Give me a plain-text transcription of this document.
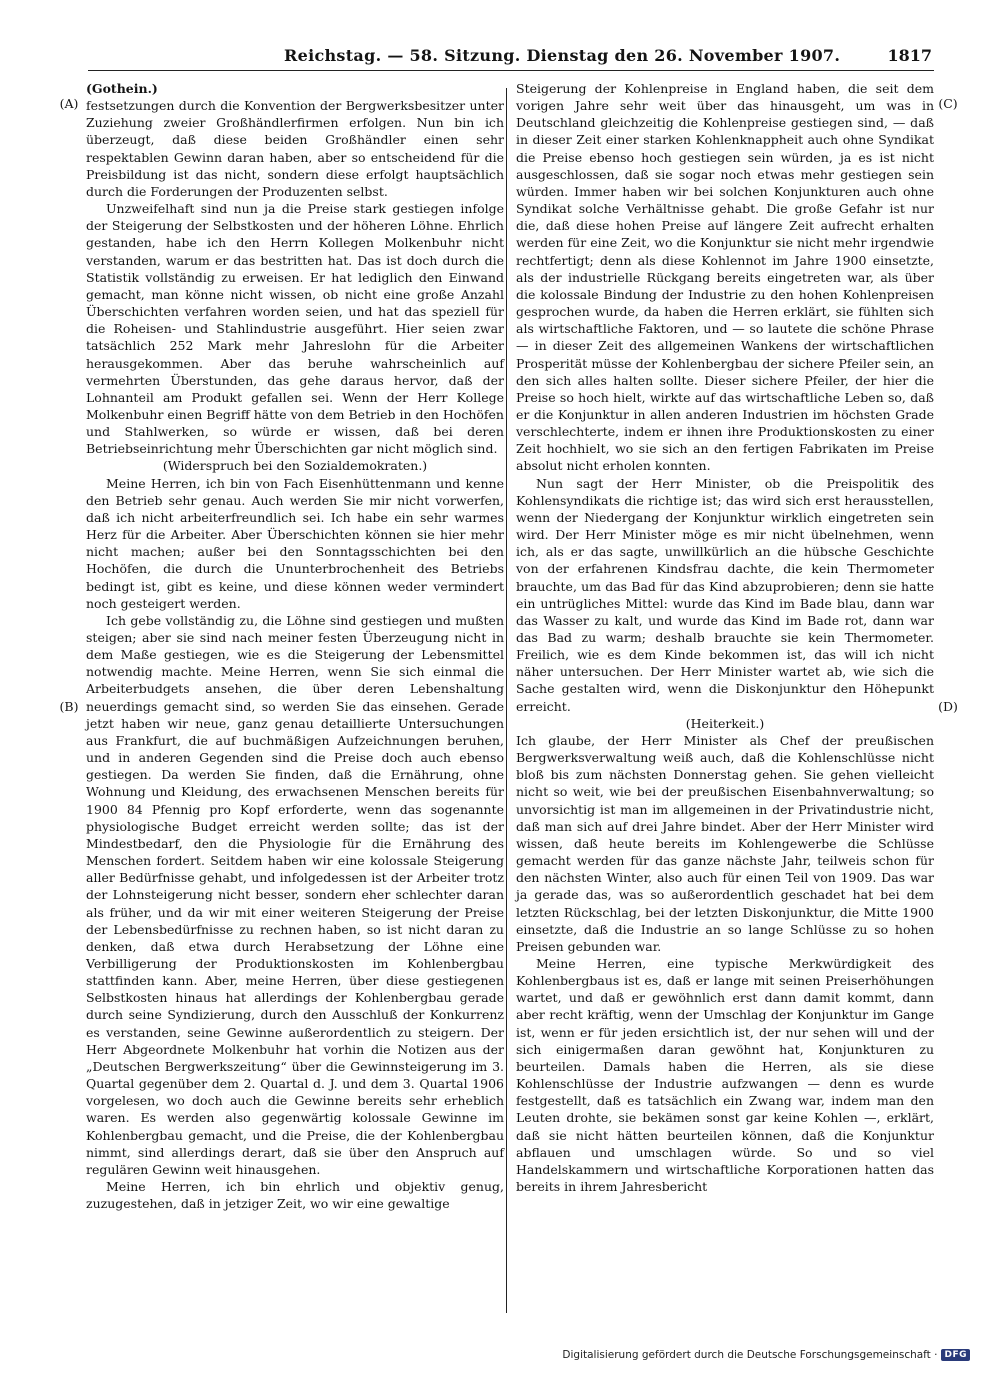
Reichstag. — 58. Sitzung. Dienstag den 26. November 1907.	1817
(A)
(B)
(C)
(D)

(Gothein.)

festsetzungen durch die Konvention der Bergwerksbesitzer unter Zuziehung zweier Großhändlerfirmen erfolgen. Nun bin ich überzeugt, daß diese beiden Großhändler einen sehr respektablen Gewinn daran haben, aber so entscheidend für die Preisbildung ist das nicht, sondern diese erfolgt hauptsächlich durch die Forderungen der Produzenten selbst.

Unzweifelhaft sind nun ja die Preise stark gestiegen infolge der Steigerung der Selbstkosten und der höheren Löhne. Ehrlich gestanden, habe ich den Herrn Kollegen Molkenbuhr nicht verstanden, warum er das bestritten hat. Das ist doch durch die Statistik vollständig zu erweisen. Er hat lediglich den Einwand gemacht, man könne nicht wissen, ob nicht eine große Anzahl Überschichten verfahren worden seien, und hat das speziell für die Roheisen- und Stahlindustrie ausgeführt. Hier seien zwar tatsächlich 252 Mark mehr Jahreslohn für die Arbeiter herausgekommen. Aber das beruhe wahrscheinlich auf vermehrten Überstunden, das gehe daraus hervor, daß der Lohnanteil am Produkt gefallen sei. Wenn der Herr Kollege Molkenbuhr einen Begriff hätte von dem Betrieb in den Hochöfen und Stahlwerken, so würde er wissen, daß bei deren Betriebseinrichtung mehr Überschichten gar nicht möglich sind.

(Widerspruch bei den Sozialdemokraten.)

Meine Herren, ich bin von Fach Eisenhüttenmann und kenne den Betrieb sehr genau. Auch werden Sie mir nicht vorwerfen, daß ich nicht arbeiterfreundlich sei. Ich habe ein sehr warmes Herz für die Arbeiter. Aber Überschichten können sie hier mehr nicht machen; außer bei den Sonntagsschichten bei den Hochöfen, die durch die Ununterbrochenheit des Betriebs bedingt ist, gibt es keine, und diese können weder vermindert noch gesteigert werden.

Ich gebe vollständig zu, die Löhne sind gestiegen und mußten steigen; aber sie sind nach meiner festen Überzeugung nicht in dem Maße gestiegen, wie es die Steigerung der Lebensmittel notwendig machte. Meine Herren, wenn Sie sich einmal die Arbeiterbudgets ansehen, die über deren Lebenshaltung neuerdings gemacht sind, so werden Sie das einsehen. Gerade jetzt haben wir neue, ganz genau detaillierte Untersuchungen aus Frankfurt, die auf buchmäßigen Aufzeichnungen beruhen, und in anderen Gegenden sind die Preise doch auch ebenso gestiegen. Da werden Sie finden, daß die Ernährung, ohne Wohnung und Kleidung, des erwachsenen Menschen bereits für 1900 84 Pfennig pro Kopf erforderte, wenn das sogenannte physiologische Budget erreicht werden sollte; das ist der Mindestbedarf, den die Physiologie für die Ernährung des Menschen fordert. Seitdem haben wir eine kolossale Steigerung aller Bedürfnisse gehabt, und infolgedessen ist der Arbeiter trotz der Lohnsteigerung nicht besser, sondern eher schlechter daran als früher, und da wir mit einer weiteren Steigerung der Preise der Lebensbedürfnisse zu rechnen haben, so ist nicht daran zu denken, daß etwa durch Herabsetzung der Löhne eine Verbilligerung der Produktionskosten im Kohlenbergbau stattfinden kann. Aber, meine Herren, über diese gestiegenen Selbstkosten hinaus hat allerdings der Kohlenbergbau gerade durch seine Syndizierung, durch den Ausschluß der Konkurrenz es verstanden, seine Gewinne außerordentlich zu steigern. Der Herr Abgeordnete Molkenbuhr hat vorhin die Notizen aus der „Deutschen Bergwerkszeitung“ über die Gewinnsteigerung im 3. Quartal gegenüber dem 2. Quartal d. J. und dem 3. Quartal 1906 vorgelesen, wo doch auch die Gewinne bereits sehr erheblich waren. Es werden also gegenwärtig kolossale Gewinne im Kohlenbergbau gemacht, und die Preise, die der Kohlenbergbau nimmt, sind allerdings derart, daß sie über den Anspruch auf regulären Gewinn weit hinausgehen.

Meine Herren, ich bin ehrlich und objektiv genug, zuzugestehen, daß in jetziger Zeit, wo wir eine gewaltige

Steigerung der Kohlenpreise in England haben, die seit dem vorigen Jahre sehr weit über das hinausgeht, um was in Deutschland gleichzeitig die Kohlenpreise gestiegen sind, — daß in dieser Zeit einer starken Kohlenknappheit auch ohne Syndikat die Preise ebenso hoch gestiegen sein würden, ja es ist nicht ausgeschlossen, daß sie sogar noch etwas mehr gestiegen sein würden. Immer haben wir bei solchen Konjunkturen auch ohne Syndikat solche Verhältnisse gehabt. Die große Gefahr ist nur die, daß diese hohen Preise auf längere Zeit aufrecht erhalten werden für eine Zeit, wo die Konjunktur sie nicht mehr irgendwie rechtfertigt; denn als diese Kohlennot im Jahre 1900 einsetzte, als der industrielle Rückgang bereits eingetreten war, als über die kolossale Bindung der Industrie zu den hohen Kohlenpreisen gesprochen wurde, da haben die Herren erklärt, sie fühlten sich als wirtschaftliche Faktoren, und — so lautete die schöne Phrase — in dieser Zeit des allgemeinen Wankens der wirtschaftlichen Prosperität müsse der Kohlenbergbau der sichere Pfeiler sein, an den sich alles halten sollte. Dieser sichere Pfeiler, der hier die Preise so hoch hielt, wirkte auf das wirtschaftliche Leben so, daß er die Konjunktur in allen anderen Industrien im höchsten Grade verschlechterte, indem er ihnen ihre Produktionskosten zu einer Zeit hochhielt, wo sie sich an den fertigen Fabrikaten im Preise absolut nicht erholen konnten.

Nun sagt der Herr Minister, ob die Preispolitik des Kohlensyndikats die richtige ist; das wird sich erst herausstellen, wenn der Niedergang der Konjunktur wirklich eingetreten sein wird. Der Herr Minister möge es mir nicht übelnehmen, wenn ich, als er das sagte, unwillkürlich an die hübsche Geschichte von der erfahrenen Kindsfrau dachte, die kein Thermometer brauchte, um das Bad für das Kind abzuprobieren; denn sie hatte ein untrügliches Mittel: wurde das Kind im Bade blau, dann war das Wasser zu kalt, und wurde das Kind im Bade rot, dann war das Bad zu warm; deshalb brauchte sie kein Thermometer. Freilich, wie es dem Kinde bekommen ist, das will ich nicht näher untersuchen. Der Herr Minister wartet ab, wie sich die Sache gestalten wird, wenn die Diskonjunktur den Höhepunkt erreicht.

(Heiterkeit.)

Ich glaube, der Herr Minister als Chef der preußischen Bergwerksverwaltung weiß auch, daß die Kohlenschlüsse nicht bloß bis zum nächsten Donnerstag gehen. Sie gehen vielleicht nicht so weit, wie bei der preußischen Eisenbahnverwaltung; so unvorsichtig ist man im allgemeinen in der Privatindustrie nicht, daß man sich auf drei Jahre bindet. Aber der Herr Minister wird wissen, daß heute bereits im Kohlengewerbe die Schlüsse gemacht werden für das ganze nächste Jahr, teilweis schon für den nächsten Winter, also auch für einen Teil von 1909. Das war ja gerade das, was so außerordentlich geschadet hat bei dem letzten Rückschlag, bei der letzten Diskonjunktur, die Mitte 1900 einsetzte, daß die Industrie an so lange Schlüsse zu so hohen Preisen gebunden war.

Meine Herren, eine typische Merkwürdigkeit des Kohlenbergbaus ist es, daß er lange mit seinen Preiserhöhungen wartet, und daß er gewöhnlich erst dann damit kommt, dann aber recht kräftig, wenn der Umschlag der Konjunktur im Gange ist, wenn er für jeden ersichtlich ist, der nur sehen will und der sich einigermaßen daran gewöhnt hat, Konjunkturen zu beurteilen. Damals haben die Herren, als sie diese Kohlenschlüsse der Industrie aufzwangen — denn es wurde festgestellt, daß es tatsächlich ein Zwang war, indem man den Leuten drohte, sie bekämen sonst gar keine Kohlen —, erklärt, daß sie nicht hätten beurteilen können, daß die Konjunktur abflauen und umschlagen würde. So und so viel Handelskammern und wirtschaftliche Korporationen hatten das bereits in ihrem Jahresbericht

Digitalisierung gefördert durch die Deutsche Forschungsgemeinschaft · DFG
